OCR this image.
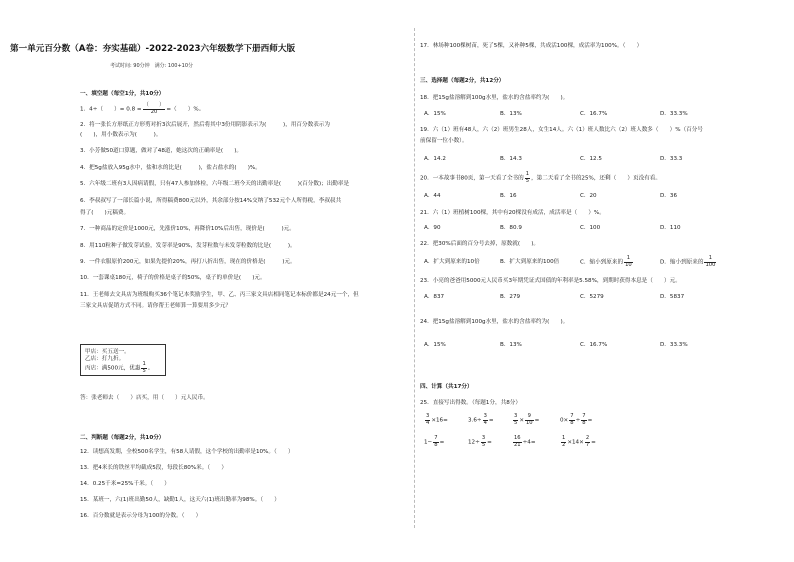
第一单元百分数（A卷：夯实基础）-2022-2023六年级数学下册西师大版
考试时间: 90分钟　满分: 100+10分
一、填空题（每空1分，共10分）
1．4÷（　　）= $0.8 = \frac{( )}{20}$ =（　　）%。
2．将一张长方形纸正方形剪对折3次后展开，然后将其中3份用阴影表示为(　　　)，用百分数表示为
(　　)，用小数表示为(　　　)。
3．小芳做50道口算题，做对了48道，她这次的正确率是(　　)。
4．把5g盐放入95g水中，盐和水的比是(　　　)，盐占盐水的(　　)%。
5．六年级二班有3人因病请假，只有47人参加体检，六年级二班今天的出勤率是(　　　)(百分数)；出勤率是
6．李叔叔写了一部长篇小说，所得稿费800元以外，其余部分按14%交纳了532元个人所得税，李叔叔共
得了(　　)元稿费。
7．一种商品的定价是1000元，先涨价10%，再降价10%后出售，现价是(　　　)元。
8．用110粒种子做发芽试验，发芽率是90%，发芽粒数与未发芽粒数的比是(　　　)。
9．一件衣服原价200元，如果先提价20%，再打八折出售，现在的价格是(　　　)元。
10．一套课桌180元，椅子的价格是桌子的50%，桌子的单价是(　　)元。
11．王老师去文具店为班级购买36个笔记本奖励学生，甲、乙、丙三家文具店相同笔记本标价都是24元一个，但
三家文具店促销方式不同。请你帮王老师算一算要用多少元？
甲店：买五送一。
乙店：打九折。
丙店：满500元，优惠 $\frac{1}{5}$ 。
答：张老师去（　　）店买，用（　　）元人民币。
二、判断题（每题2分，共10分）
12．读想高发期，全校500名学生，有58人请假，这个学校的出勤率是10%。（　　）
13．把4米长的铁丝平均截成5段，每段长80%米。（　　）
14．0.25千米=25%千米。（　　）
15．某班一，六(1)班出勤50人，缺勤1人，这天六(1)班出勤率为98%。（　　）
16．百分数就是表示分母为100的分数。（　　）
17．林场种100棵树苗，死了5棵，又补种5棵，共成活100棵，成活率为100%。（　　）
三、选择题（每题2分，共12分）
18．把15g盐溶解到100g水里，盐水的含盐率约为(　　)。
A．15%	B．13%	C．16.7%	D．33.3%
19．六（1）班有48人，六（2）班男生28人，女生14人。六（1）班人数比六（2）班人数多（　　）%（百分号
前保留一位小数）。
A．14.2	B．14.3	C．12.5	D．33.3
20．一本故事书80页，第一天看了全书的 $\frac{1}{5}$ ，第二天看了全书的25%，还剩（　　）页没有看。
A．44	B．16	C．20	D．36
21．六（1）班植树100棵，其中有20棵没有成活，成活率是（　　）%。
A．90	B．80.9	C．100	D．110
22．把30%后面的百分号去掉，原数就(　　)。
A．扩大到原来的10倍	B．扩大到原来的100倍	C．缩小到原来的 $\frac{1}{10}$	D．缩小到原来的 $\frac{1}{100}$
23．小亮的爸爸用5000元人民币买3年期凭证式国债的年利率是5.58%，到期时获得本息是（　　）元。
A．837	B．279	C．5279	D．5837
24．把15g盐溶解到100g水里，盐水的含盐率约为(　　)。
A．15%	B．13%	C．16.7%	D．33.3%
四、计算（共17分）
25．直接写出得数。（每题1分，共8分）
$\frac{3}{4} \times 16=$	$3.6\div \frac{3}{4}$ =	$\frac{3}{5} \times \frac{9}{10}$ =	$0\times \frac{7}{8} \div \frac{7}{8}$ =
$1- \frac{7}{8}$ =	$12\div \frac{3}{5}$ =	$\frac{16}{21} \div 4=$	$\frac{1}{2} \times 14\times \frac{2}{7}$ =
